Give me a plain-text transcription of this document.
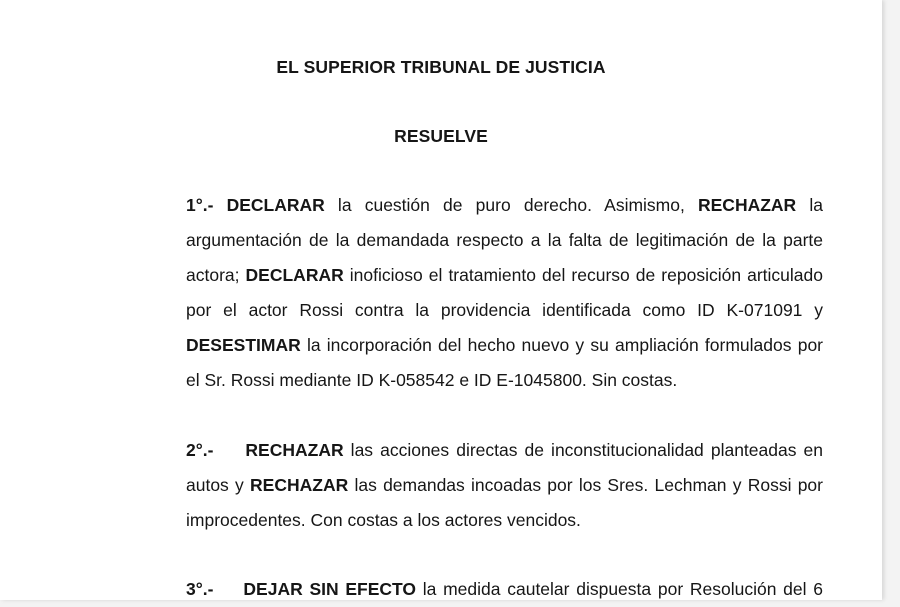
EL SUPERIOR TRIBUNAL DE JUSTICIA
RESUELVE
1°.- DECLARAR la cuestión de puro derecho. Asimismo, RECHAZAR la
argumentación de la demandada respecto a la falta de legitimación de la parte
actora; DECLARAR inoficioso el tratamiento del recurso de reposición articulado
por el actor Rossi contra la providencia identificada como ID K-071091 y
DESESTIMAR la incorporación del hecho nuevo y su ampliación formulados por
el Sr. Rossi mediante ID K-058542 e ID E-1045800. Sin costas.
2°.- RECHAZAR las acciones directas de inconstitucionalidad planteadas en
autos y RECHAZAR las demandas incoadas por los Sres. Lechman y Rossi por
improcedentes. Con costas a los actores vencidos.
3°.- DEJAR SIN EFECTO la medida cautelar dispuesta por Resolución del 6
